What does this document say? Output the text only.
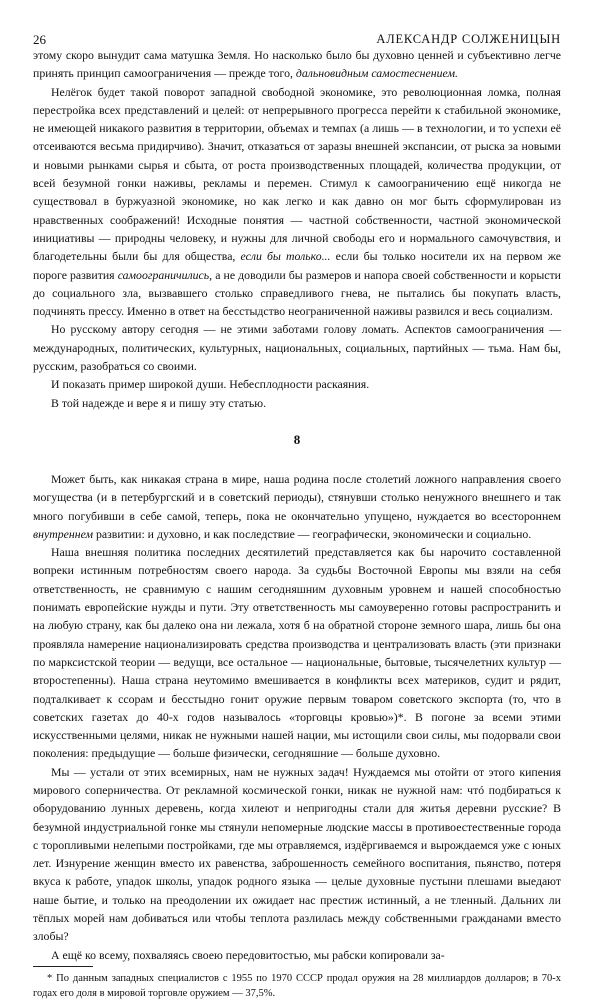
26	АЛЕКСАНДР СОЛЖЕНИЦЫН

этому скоро вынудит сама матушка Земля. Но насколько было бы духовно ценней и субъективно легче принять принцип самоограничения — прежде того, дальновидным самостеснением.

Нелёгок будет такой поворот западной свободной экономике, это революционная ломка, полная перестройка всех представлений и целей: от непрерывного прогресса перейти к стабильной экономике, не имеющей никакого развития в территории, объемах и темпах (а лишь — в технологии, и то успехи её отсеиваются весьма придирчиво). Значит, отказаться от заразы внешней экспансии, от рыска за новыми и новыми рынками сырья и сбыта, от роста производственных площадей, количества продукции, от всей безумной гонки наживы, рекламы и перемен. Стимул к самоограничению ещё никогда не существовал в буржуазной экономике, но как легко и как давно он мог быть сформулирован из нравственных соображений! Исходные понятия — частной собственности, частной экономической инициативы — природны человеку, и нужны для личной свободы его и нормального самочувствия, и благодетельны были бы для общества, если бы только... если бы только носители их на первом же пороге развития самоограничились, а не доводили бы размеров и напора своей собственности и корысти до социального зла, вызвавшего столько справедливого гнева, не пытались бы покупать власть, подчинять прессу. Именно в ответ на бесстыдство неограниченной наживы развился и весь социализм.

Но русскому автору сегодня — не этими заботами голову ломать. Аспектов самоограничения — международных, политических, культурных, национальных, социальных, партийных — тьма. Нам бы, русским, разобраться со своими.

И показать пример широкой души. Небесплодности раскаяния.

В той надежде и вере я и пишу эту статью.

8

Может быть, как никакая страна в мире, наша родина после столетий ложного направления своего могущества (и в петербургский и в советский периоды), стянувши столько ненужного внешнего и так много погубивши в себе самой, теперь, пока не окончательно упущено, нуждается во всестороннем внутреннем развитии: и духовно, и как последствие — географически, экономически и социально.

Наша внешняя политика последних десятилетий представляется как бы нарочито составленной вопреки истинным потребностям своего народа. За судьбы Восточной Европы мы взяли на себя ответственность, не сравнимую с нашим сегодняшним духовным уровнем и нашей способностью понимать европейские нужды и пути. Эту ответственность мы самоуверенно готовы распространить и на любую страну, как бы далеко она ни лежала, хотя б на обратной стороне земного шара, лишь бы она проявляла намерение национализировать средства производства и централизовать власть (эти признаки по марксистской теории — ведущи, все остальное — национальные, бытовые, тысячелетних культур — второстепенны). Наша страна неутомимо вмешивается в конфликты всех материков, судит и рядит, подталкивает к ссорам и бесстыдно гонит оружие первым товаром советского экспорта (то, что в советских газетах до 40-х годов называлось «торговцы кровью»)*. В погоне за всеми этими искусственными целями, никак не нужными нашей нации, мы истощили свои силы, мы подорвали свои поколения: предыдущие — больше физически, сегодняшние — больше духовно.

Мы — устали от этих всемирных, нам не нужных задач! Нуждаемся мы отойти от этого кипения мирового соперничества. От рекламной космической гонки, никак не нужной нам: чтó подбираться к оборудованию лунных деревень, когда хилеют и непригодны стали для житья деревни русские? В безумной индустриальной гонке мы стянули непомерные людские массы в противоестественные города с торопливыми нелепыми постройками, где мы отравляемся, издёргиваемся и вырождаемся уже с юных лет. Изнурение женщин вместо их равенства, заброшенность семейного воспитания, пьянство, потеря вкуса к работе, упадок школы, упадок родного языка — целые духовные пустыни плешами выедают наше бытие, и только на преодолении их ожидает нас престиж истинный, а не тленный. Дальних ли тёплых морей нам добиваться или чтобы теплота разлилась между собственными гражданами вместо злобы?

А ещё ко всему, похваляясь своею передовитостью, мы рабски копировали за-

* По данным западных специалистов с 1955 по 1970 СССР продал оружия на 28 миллиардов долларов; в 70-х годах его доля в мировой торговле оружием — 37,5%.
